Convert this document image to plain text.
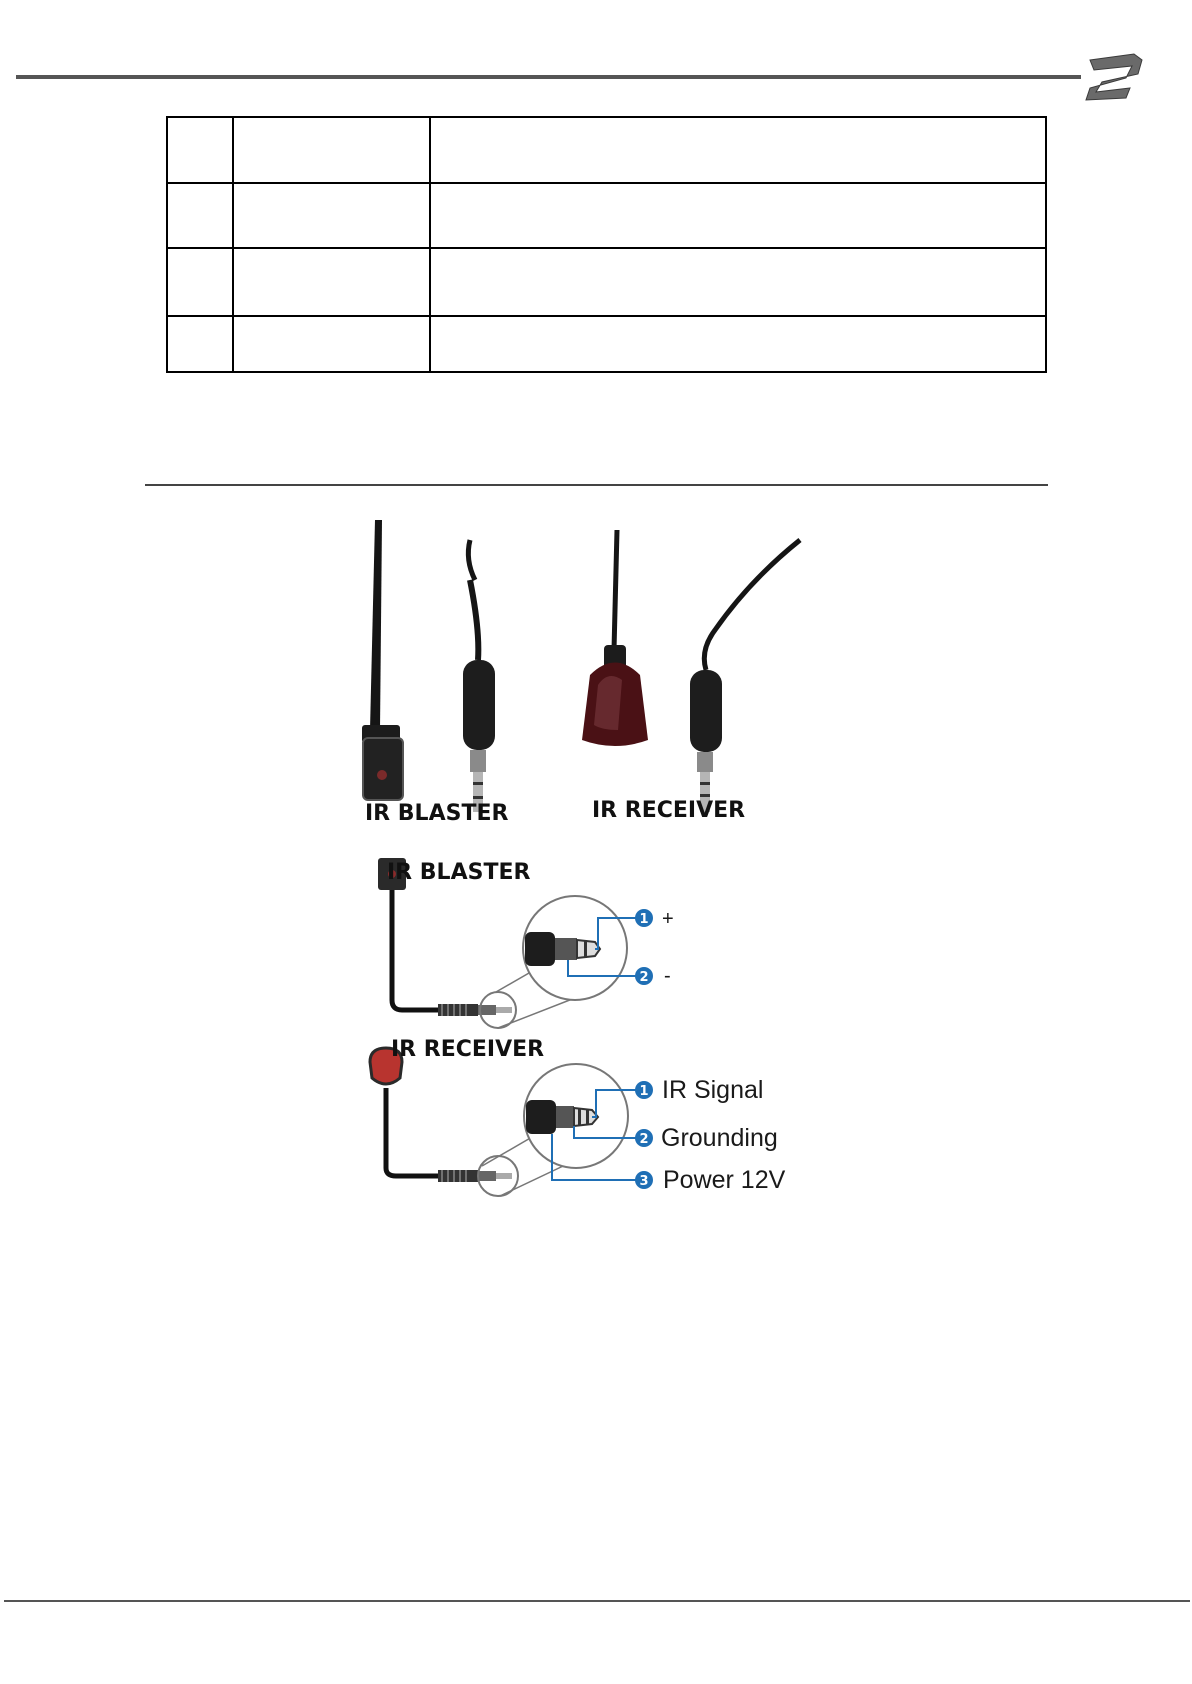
IR BLASTER	IR RECEIVER
IR BLASTER
1 +
2 -
IR RECEIVER
1 IR Signal
2 Grounding
3 Power 12V
